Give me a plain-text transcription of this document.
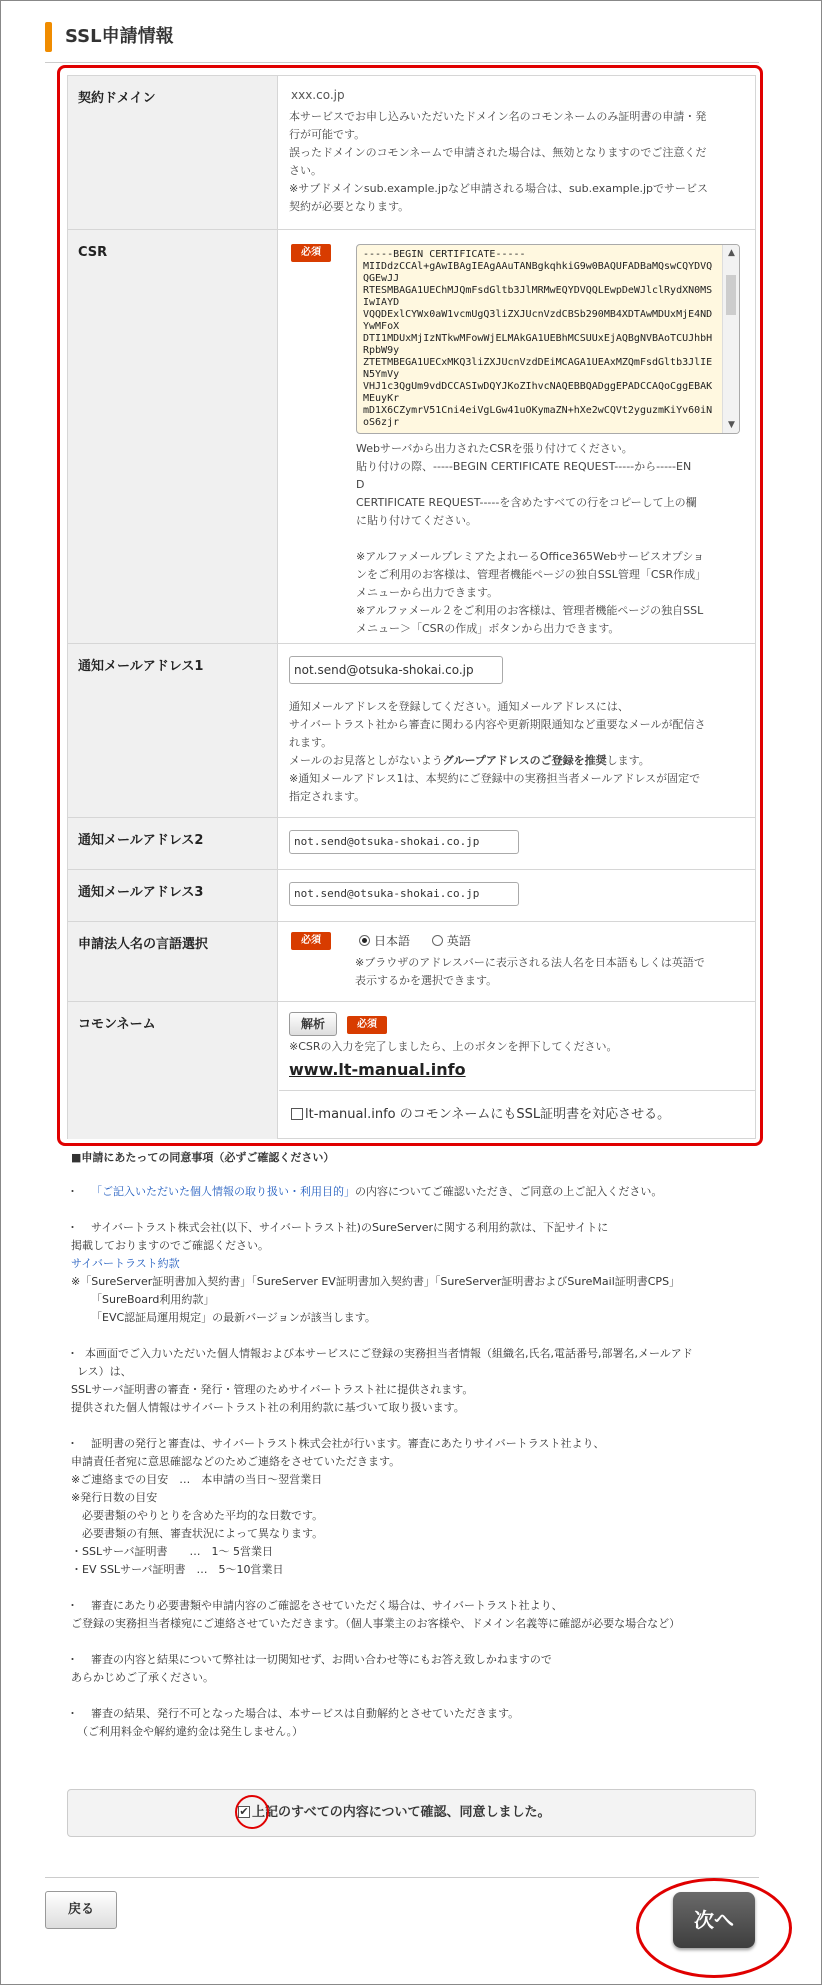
SSL申請情報
契約ドメイン	xxx.co.jp
本サービスでお申し込みいただいたドメイン名のコモンネームのみ証明書の申請・発
行が可能です。
誤ったドメインのコモンネームで申請された場合は、無効となりますのでご注意くだ
さい。
※サブドメインsub.example.jpなど申請される場合は、sub.example.jpでサービス
契約が必要となります。
CSR	必須	-----BEGIN CERTIFICATE-----
MIIDdzCCAl+gAwIBAgIEAgAAuTANBgkqhkiG9w0BAQUFADBaMQswCQYDVQQGEwJJ
RTESMBAGA1UEChMJQmFsdGltb3JlMRMwEQYDVQQLEwpDeWJlclRydXN0MSIwIAYD
VQQDExlCYWx0aW1vcmUgQ3liZXJUcnVzdCBSb290MB4XDTAwMDUxMjE4NDYwMFoX
DTI1MDUxMjIzNTkwMFowWjELMAkGA1UEBhMCSUUxEjAQBgNVBAoTCUJhbHRpbW9y
ZTETMBEGA1UECxMKQ3liZXJUcnVzdDEiMCAGA1UEAxMZQmFsdGltb3JlIEN5YmVy
VHJ1c3QgUm9vdDCCASIwDQYJKoZIhvcNAQEBBQADggEPADCCAQoCggEBAKMEuyKr
mD1X6CZymrV51Cni4eiVgLGw41uOKymaZN+hXe2wCQVt2yguzmKiYv60iNoS6zjr
▲
▼
Webサーバから出力されたCSRを張り付けてください。
貼り付けの際、-----BEGIN CERTIFICATE REQUEST-----から-----EN
D
CERTIFICATE REQUEST-----を含めたすべての行をコピーして上の欄
に貼り付けてください。
※アルファメールプレミアたよれーるOffice365Webサービスオプショ
ンをご利用のお客様は、管理者機能ページの独自SSL管理「CSR作成」
メニューから出力できます。
※アルファメール２をご利用のお客様は、管理者機能ページの独自SSL
メニュー＞「CSRの作成」ボタンから出力できます。
通知メールアドレス1	not.send@otsuka-shokai.co.jp
通知メールアドレスを登録してください。通知メールアドレスには、
サイバートラスト社から審査に関わる内容や更新期限通知など重要なメールが配信さ
れます。
メールのお見落としがないようグループアドレスのご登録を推奨します。
※通知メールアドレス1は、本契約にご登録中の実務担当者メールアドレスが固定で
指定されます。
通知メールアドレス2	not.send@otsuka-shokai.co.jp
通知メールアドレス3	not.send@otsuka-shokai.co.jp
申請法人名の言語選択	必須	日本語	英語
※ブラウザのアドレスバーに表示される法人名を日本語もしくは英語で
表示するかを選択できます。
コモンネーム	解析	必須
※CSRの入力を完了しましたら、上のボタンを押下してください。
www.lt-manual.info
lt-manual.info のコモンネームにもSSL証明書を対応させる。
■申請にあたっての同意事項（必ずご確認ください）
・	「ご記入いただいた個人情報の取り扱い・利用目的」の内容についてご確認いただき、ご同意の上ご記入ください。
・	サイバートラスト株式会社(以下、サイバートラスト社)のSureServerに関する利用約款は、下記サイトに
掲載しておりますのでご確認ください。
サイバートラスト約款
※「SureServer証明書加入契約書」「SureServer EV証明書加入契約書」「SureServer証明書およびSureMail証明書CPS」
「SureBoard利用約款」
「EVC認証局運用規定」の最新バージョンが該当します。
・ 本画面でご入力いただいた個人情報および本サービスにご登録の実務担当者情報（組織名,氏名,電話番号,部署名,メールアド
レス）は、
SSLサーバ証明書の審査・発行・管理のためサイバートラスト社に提供されます。
提供された個人情報はサイバートラスト社の利用約款に基づいて取り扱います。
・	証明書の発行と審査は、サイバートラスト株式会社が行います。審査にあたりサイバートラスト社より、
申請責任者宛に意思確認などのためご連絡をさせていただきます。
※ご連絡までの目安　…　本申請の当日〜翌営業日
※発行日数の目安
　必要書類のやりとりを含めた平均的な日数です。
　必要書類の有無、審査状況によって異なります。
・SSLサーバ証明書　　…　1〜 5営業日
・EV SSLサーバ証明書　…　5〜10営業日
・	審査にあたり必要書類や申請内容のご確認をさせていただく場合は、サイバートラスト社より、
ご登録の実務担当者様宛にご連絡させていただきます。（個人事業主のお客様や、ドメイン名義等に確認が必要な場合など）
・	審査の内容と結果について弊社は一切関知せず、お問い合わせ等にもお答え致しかねますので
あらかじめご了承ください。
・	審査の結果、発行不可となった場合は、本サービスは自動解約とさせていただきます。
（ご利用料金や解約違約金は発生しません。）
✔ 上記のすべての内容について確認、同意しました。
戻る	次へ
